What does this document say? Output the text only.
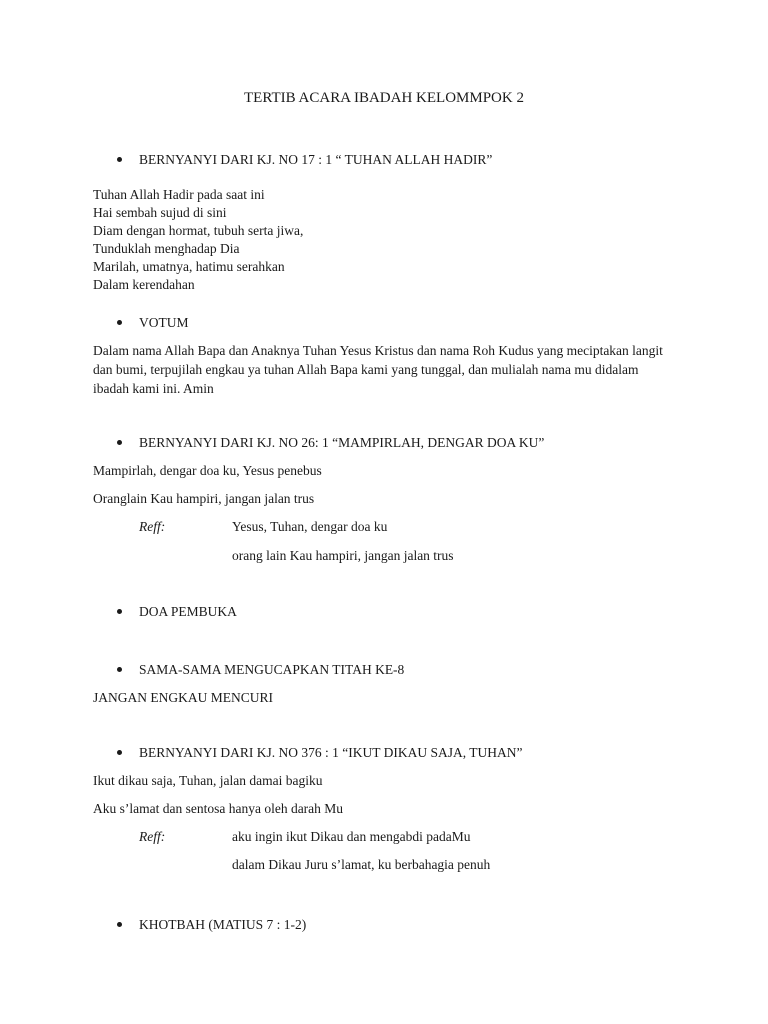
TERTIB ACARA IBADAH KELOMMPOK 2
BERNYANYI DARI KJ. NO 17 : 1 “ TUHAN ALLAH HADIR”
Tuhan Allah Hadir pada saat ini
Hai sembah sujud di sini
Diam dengan hormat, tubuh serta jiwa,
Tunduklah menghadap Dia
Marilah, umatnya, hatimu serahkan
Dalam kerendahan
VOTUM
Dalam nama Allah Bapa dan Anaknya Tuhan Yesus Kristus dan nama Roh Kudus yang meciptakan langit dan bumi, terpujilah engkau ya tuhan Allah Bapa kami yang tunggal, dan mulialah nama mu didalam ibadah kami ini. Amin
BERNYANYI DARI KJ. NO 26: 1 “MAMPIRLAH, DENGAR DOA KU”
Mampirlah, dengar doa ku, Yesus penebus
Oranglain Kau hampiri, jangan jalan trus
Reff:	Yesus, Tuhan, dengar doa ku
orang lain Kau hampiri, jangan jalan trus
DOA PEMBUKA
SAMA-SAMA MENGUCAPKAN TITAH KE-8
JANGAN ENGKAU MENCURI
BERNYANYI DARI KJ. NO 376 : 1 “IKUT DIKAU SAJA, TUHAN”
Ikut dikau saja, Tuhan, jalan damai bagiku
Aku s’lamat dan sentosa hanya oleh darah Mu
Reff:	aku ingin ikut Dikau dan mengabdi padaMu
dalam Dikau Juru s’lamat, ku berbahagia penuh
KHOTBAH (MATIUS 7 : 1-2)
